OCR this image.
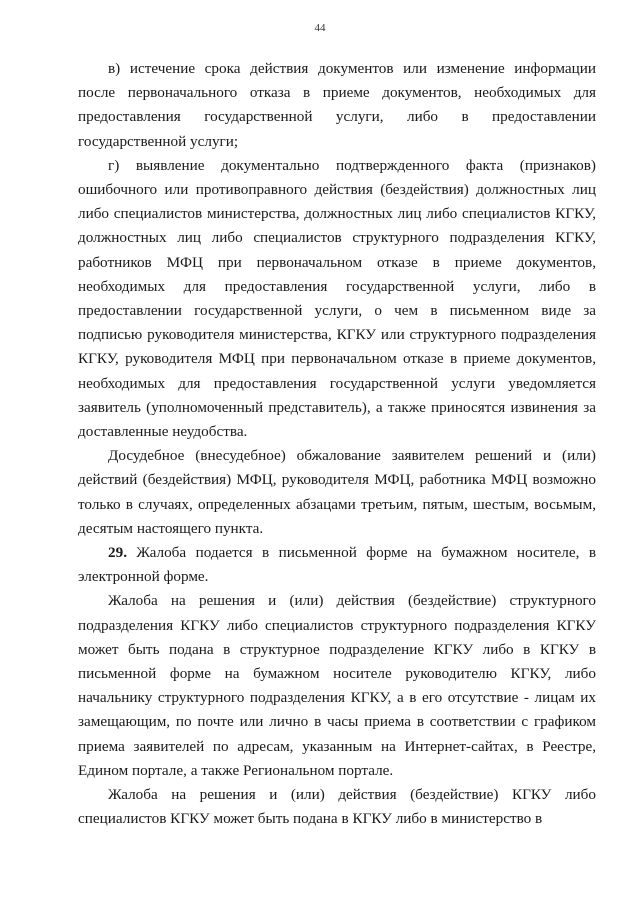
44

в) истечение срока действия документов или изменение информации после первоначального отказа в приеме документов, необходимых для предоставления государственной услуги, либо в предоставлении государственной услуги;

г) выявление документально подтвержденного факта (признаков) ошибочного или противоправного действия (бездействия) должностных лиц либо специалистов министерства, должностных лиц либо специалистов КГКУ, должностных лиц либо специалистов структурного подразделения КГКУ, работников МФЦ при первоначальном отказе в приеме документов, необходимых для предоставления государственной услуги, либо в предоставлении государственной услуги, о чем в письменном виде за подписью руководителя министерства, КГКУ или структурного подразделения КГКУ, руководителя МФЦ при первоначальном отказе в приеме документов, необходимых для предоставления государственной услуги уведомляется заявитель (уполномоченный представитель), а также приносятся извинения за доставленные неудобства.

Досудебное (внесудебное) обжалование заявителем решений и (или) действий (бездействия) МФЦ, руководителя МФЦ, работника МФЦ возможно только в случаях, определенных абзацами третьим, пятым, шестым, восьмым, десятым настоящего пункта.

29. Жалоба подается в письменной форме на бумажном носителе, в электронной форме.

Жалоба на решения и (или) действия (бездействие) структурного подразделения КГКУ либо специалистов структурного подразделения КГКУ может быть подана в структурное подразделение КГКУ либо в КГКУ в письменной форме на бумажном носителе руководителю КГКУ, либо начальнику структурного подразделения КГКУ, а в его отсутствие - лицам их замещающим, по почте или лично в часы приема в соответствии с графиком приема заявителей по адресам, указанным на Интернет-сайтах, в Реестре, Едином портале, а также Региональном портале.

Жалоба на решения и (или) действия (бездействие) КГКУ либо специалистов КГКУ может быть подана в КГКУ либо в министерство в
